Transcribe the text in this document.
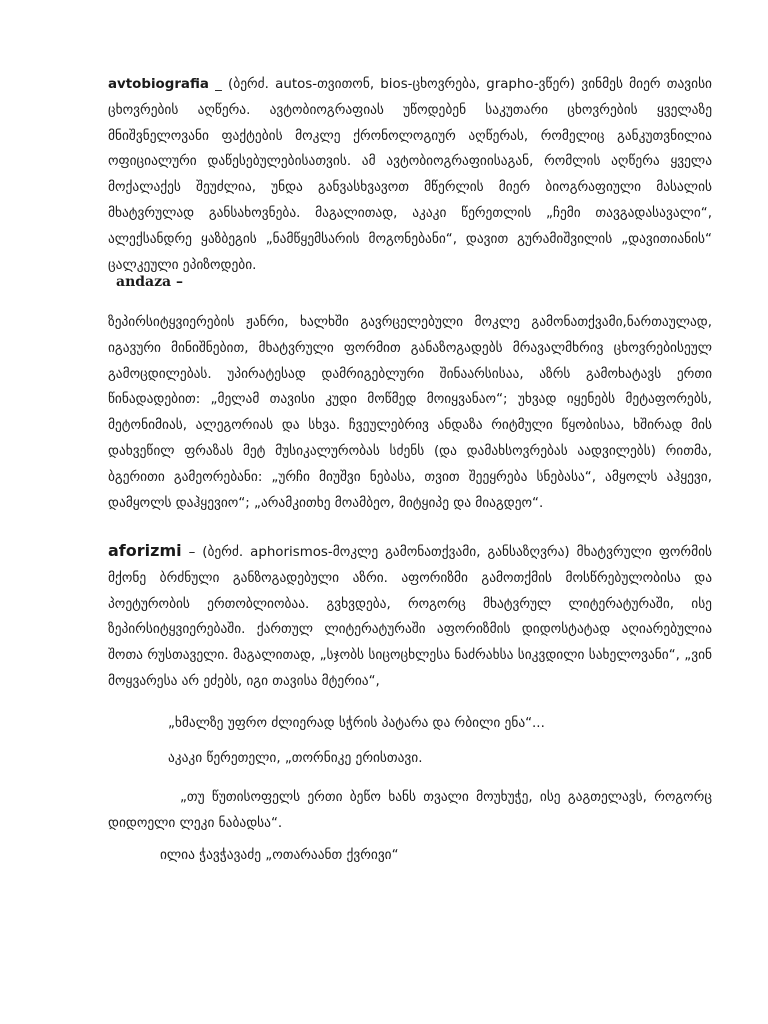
avtobiografia _ (ბერძ. autos-თვითონ, bios-ცხოვრება, grapho-ვწერ) ვინმეს მიერ თავისი ცხოვრების აღწერა. ავტობიოგრაფიას უწოდებენ საკუთარი ცხოვრების ყველაზე მნიშვნელოვანი ფაქტების მოკლე ქრონოლოგიურ აღწერას, რომელიც განკუთვნილია ოფიციალური დაწესებულებისათვის. ამ ავტობიოგრაფიისაგან, რომლის აღწერა ყველა მოქალაქეს შეუძლია, უნდა განვასხვავოთ მწერლის მიერ ბიოგრაფიული მასალის მხატვრულად განსახოვნება. მაგალითად, აკაკი წერეთლის „ჩემი თავგადასავალი“, ალექსანდრე ყაზბეგის „ნამწყემსარის მოგონებანი“, დავით გურამიშვილის „დავითიანის“ ცალკეული ეპიზოდები.

andaza –

ზეპირსიტყვიერების ჟანრი, ხალხში გავრცელებული მოკლე გამონათქვამი,ნართაულად, იგავური მინიშნებით, მხატვრული ფორმით განაზოგადებს მრავალმხრივ ცხოვრებისეულ გამოცდილებას. უპირატესად დამრიგებლური შინაარსისაა, აზრს გამოხატავს ერთი წინადადებით: „მელამ თავისი კუდი მოწმედ მოიყვანაო“; უხვად იყენებს მეტაფორებს, მეტონიმიას, ალეგორიას და სხვა. ჩვეულებრივ ანდაზა რიტმული წყობისაა, ხშირად მის დახვეწილ ფრაზას მეტ მუსიკალურობას სძენს (და დამახსოვრებას აადვილებს) რითმა, ბგერითი გამეორებანი: „ურჩი მიუშვი ნებასა, თვით შეეყრება სნებასა“, ამყოლს აჰყევი, დამყოლს დაჰყევიო“; „არამკითხე მოამბეო, მიტყიპე და მიაგდეო“.

aforizmi – (ბერძ. aphorismos-მოკლე გამონათქვამი, განსაზღვრა) მხატვრული ფორმის მქონე ბრძნული განზოგადებული აზრი. აფორიზმი გამოთქმის მოსწრებულობისა და პოეტურობის ერთობლიობაა. გვხვდება, როგორც მხატვრულ ლიტერატურაში, ისე ზეპირსიტყვიერებაში. ქართულ ლიტერატურაში აფორიზმის დიდოსტატად აღიარებულია შოთა რუსთაველი. მაგალითად, „სჯობს სიცოცხლესა ნაძრახსა სიკვდილი სახელოვანი“, „ვინ მოყვარესა არ ეძებს, იგი თავისა მტერია“,

„ხმალზე უფრო ძლიერად სჭრის პატარა და რბილი ენა“...

აკაკი წერეთელი, „თორნიკე ერისთავი.

„თუ წუთისოფელს ერთი ბეწო ხანს თვალი მოუხუჭე, ისე გაგთელავს, როგორც დიდოელი ლეკი ნაბადსა“.

ილია ჭავჭავაძე „ოთარაანთ ქვრივი“
